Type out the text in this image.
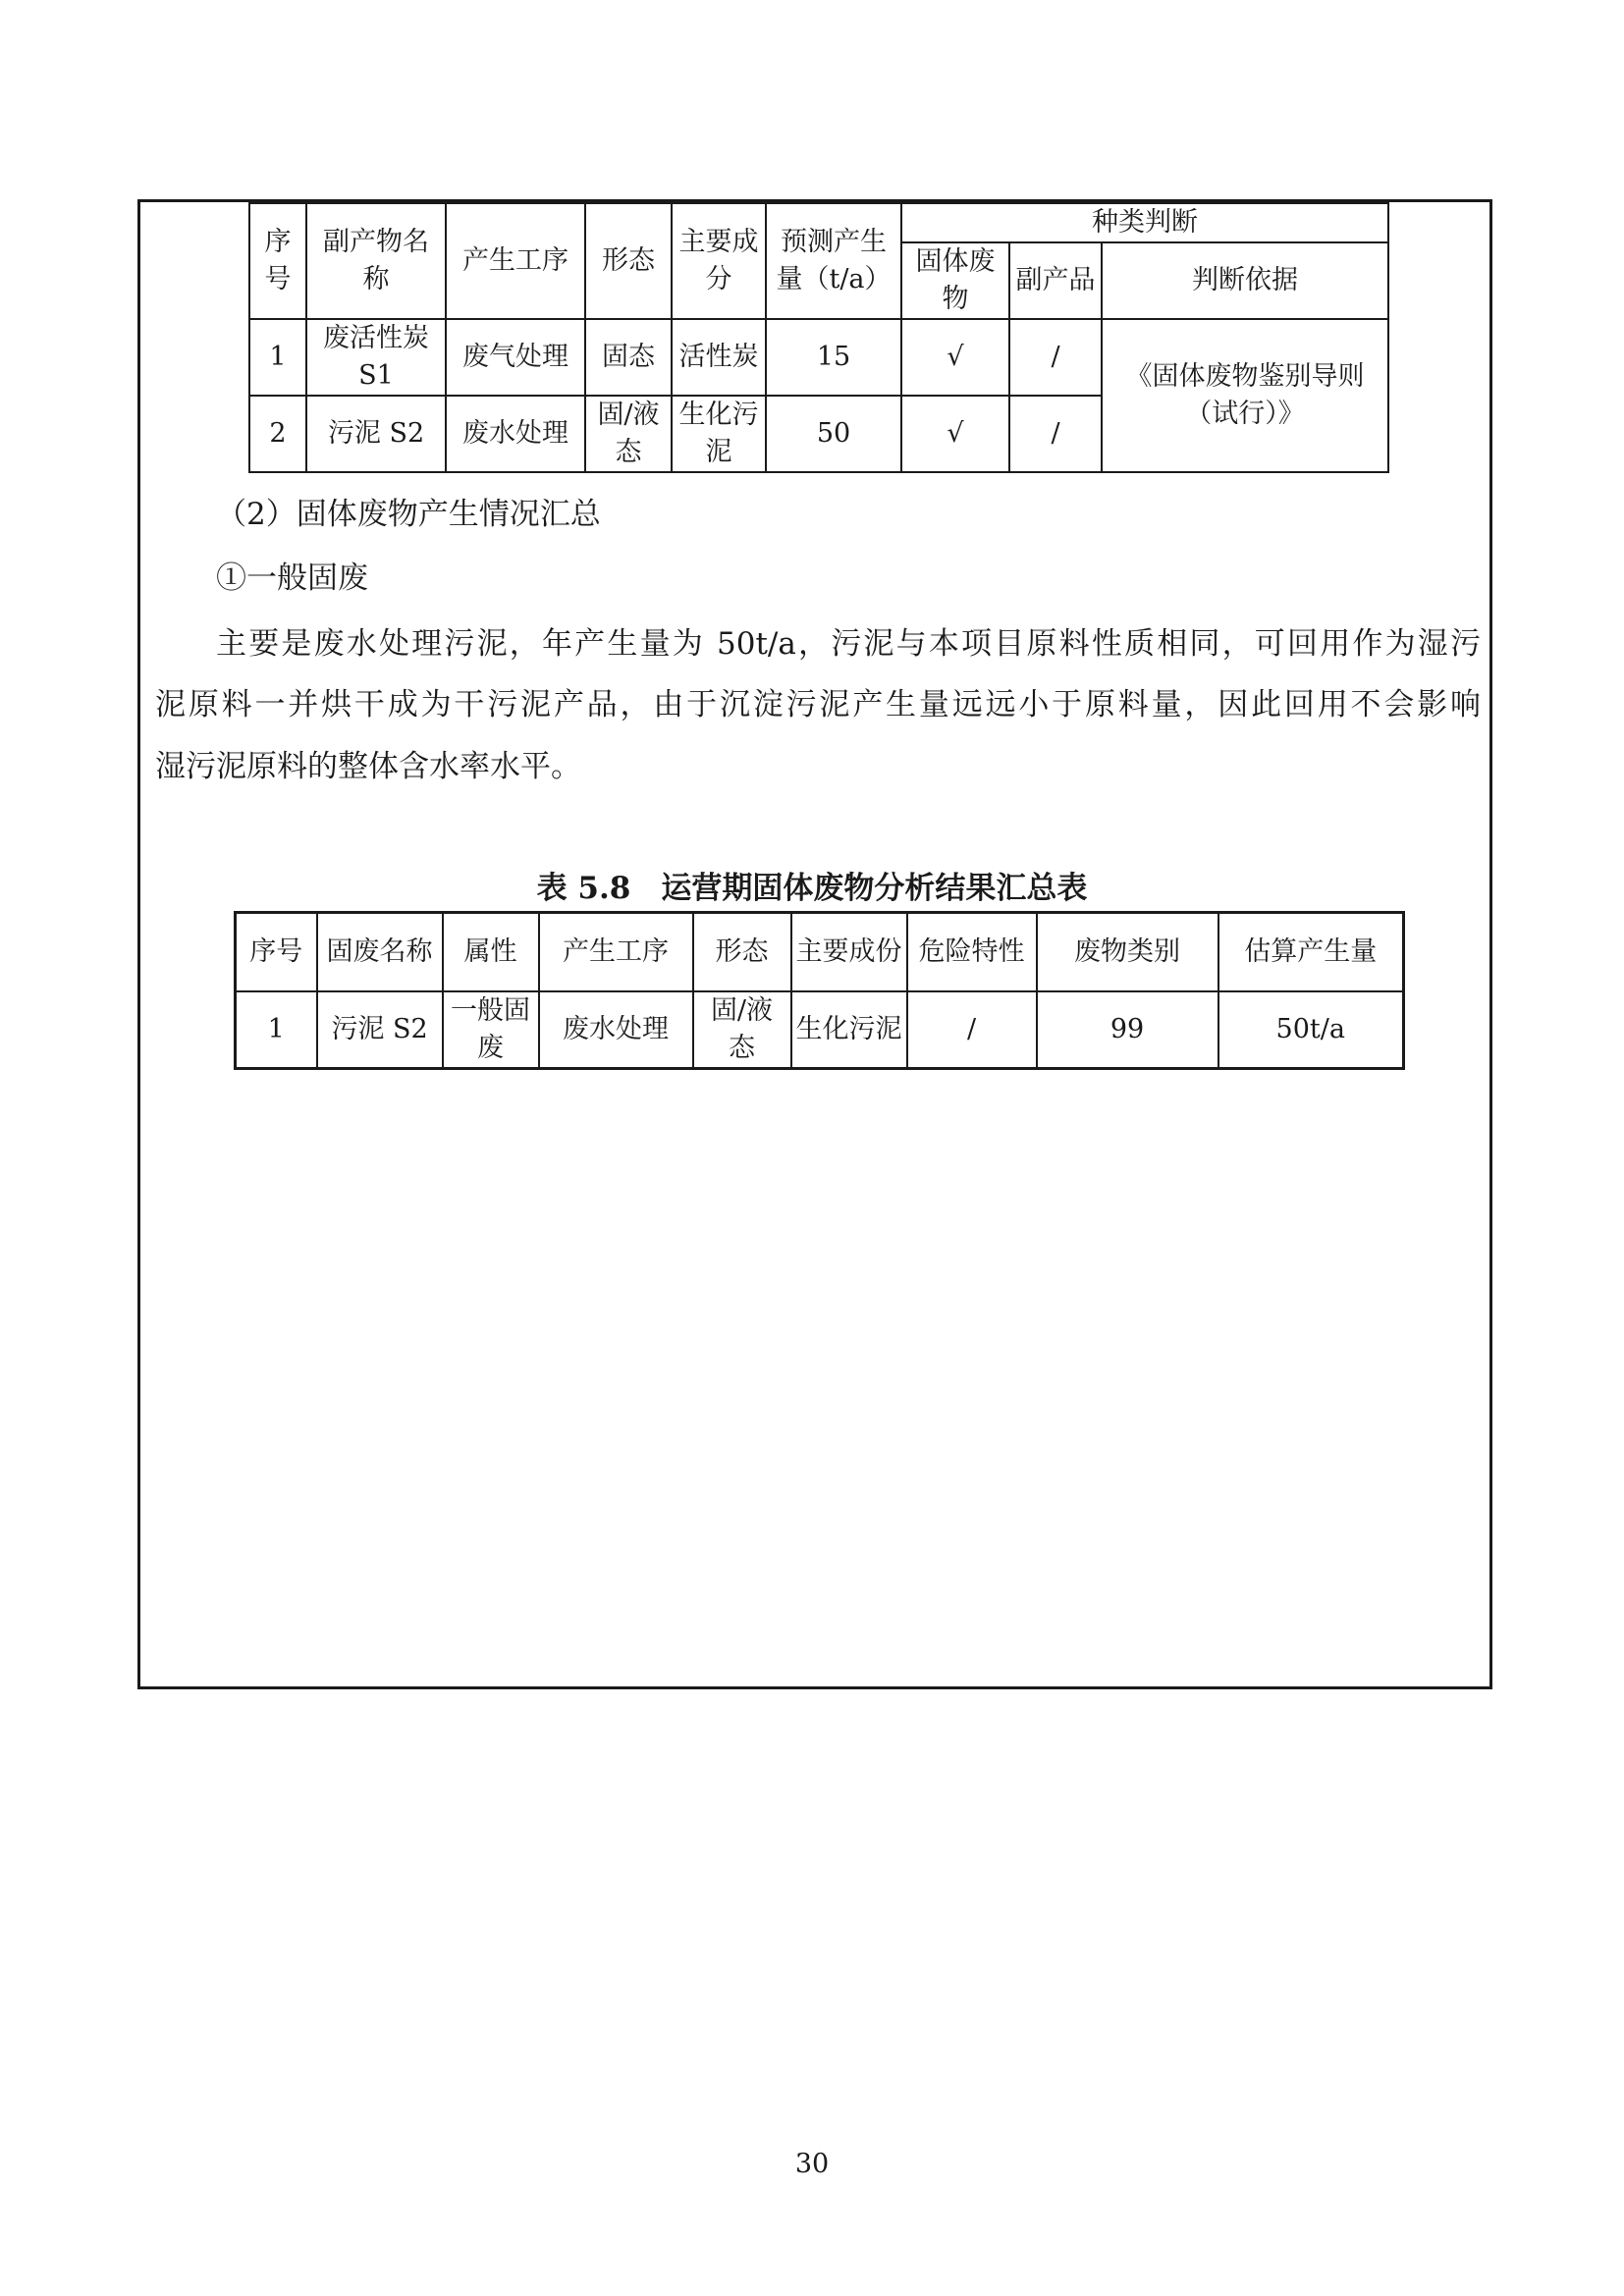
序号	副产物名称	产生工序	形态	主要成分	预测产生量（t/a）	种类判断		
						固体废物	副产品	判断依据
1	废活性炭 S1	废气处理	固态	活性炭	15	√	/	《固体废物鉴别导则（试行）》
2	污泥 S2	废水处理	固/液态	生化污泥	50	√	/	

（2）固体废物产生情况汇总

①一般固废

主要是废水处理污泥，年产生量为 50t/a，污泥与本项目原料性质相同，可回用作为湿污
泥原料一并烘干成为干污泥产品，由于沉淀污泥产生量远远小于原料量，因此回用不会影响
湿污泥原料的整体含水率水平。
表 5.8　运营期固体废物分析结果汇总表
序号	固废名称	属性	产生工序	形态	主要成份	危险特性	废物类别	估算产生量
1	污泥 S2	一般固废	废水处理	固/液态	生化污泥	/	99	50t/a
30
